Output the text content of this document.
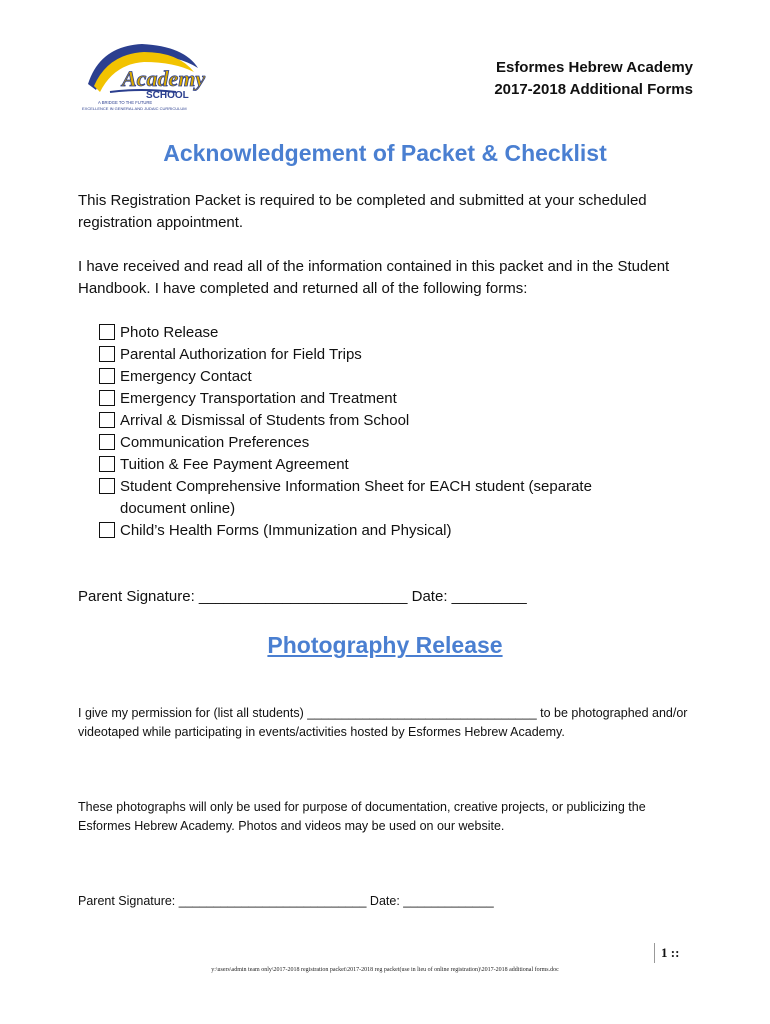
Academy
SCHOOL
A BRIDGE TO THE FUTURE
EXCELLENCE IN GENERAL AND JUDAIC CURRICULUM
Esformes Hebrew Academy
2017-2018 Additional Forms
Acknowledgement of Packet & Checklist
This Registration Packet is required to be completed and submitted at your scheduled registration appointment.
I have received and read all of the information contained in this packet and in the Student Handbook. I have completed and returned all of the following forms:
Photo Release
Parental Authorization for Field Trips
Emergency Contact
Emergency Transportation and Treatment
Arrival & Dismissal of Students from School
Communication Preferences
Tuition & Fee Payment Agreement
Student Comprehensive Information Sheet for EACH student (separate document online)
Child’s Health Forms (Immunization and Physical)
Parent Signature: _________________________ Date: _________
Photography Release
I give my permission for (list all students) _________________________________ to be photographed and/or videotaped while participating in events/activities hosted by Esformes Hebrew Academy.
These photographs will only be used for purpose of documentation, creative projects, or publicizing the Esformes Hebrew Academy. Photos and videos may be used on our website.
Parent Signature: ___________________________ Date: _____________
1 ::
y:\users\admin team only\2017-2018 registration packet\2017-2018 reg packet(use in lieu of online registration)\2017-2018 additional forms.doc
